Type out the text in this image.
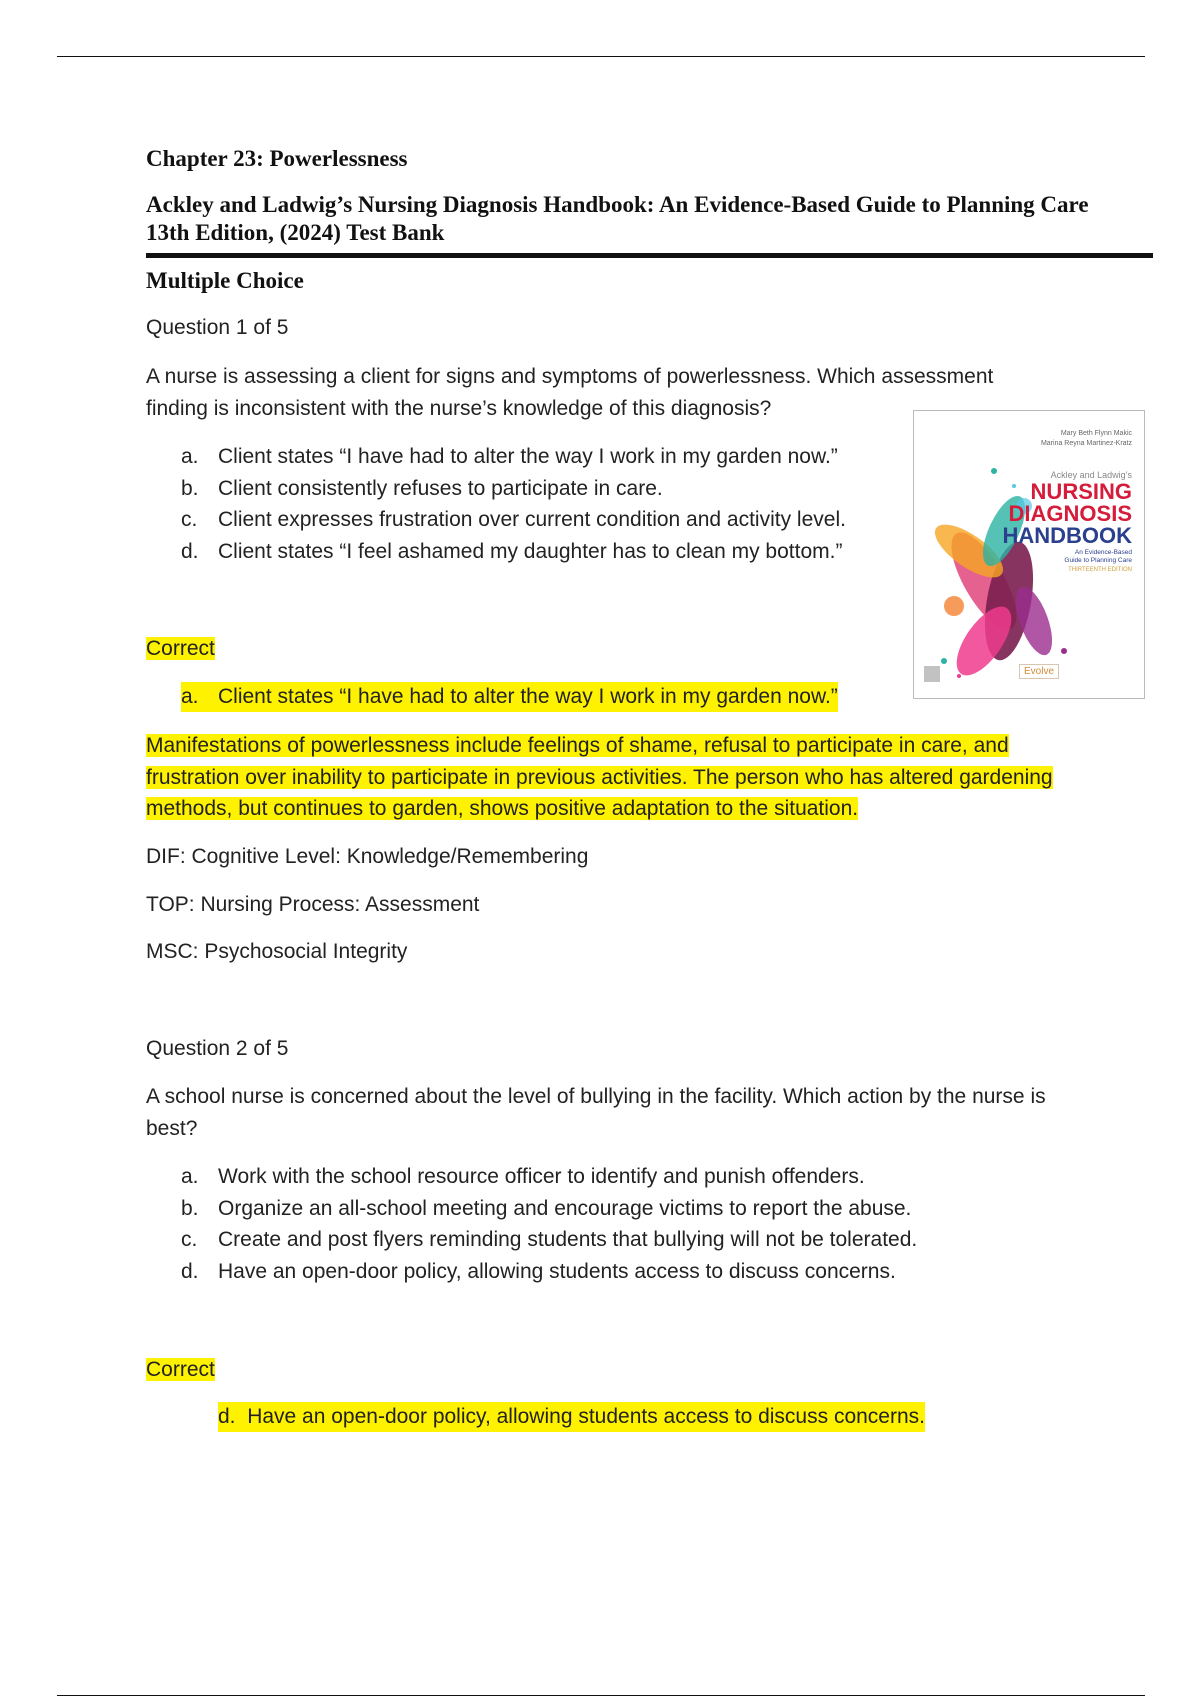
Chapter 23: Powerlessness
Ackley and Ladwig’s Nursing Diagnosis Handbook: An Evidence-Based Guide to Planning Care 13th Edition, (2024) Test Bank
Multiple Choice

Question 1 of 5

A nurse is assessing a client for signs and symptoms of powerlessness. Which assessment finding is inconsistent with the nurse’s knowledge of this diagnosis?

a. Client states “I have had to alter the way I work in my garden now.”
b. Client consistently refuses to participate in care.
c. Client expresses frustration over current condition and activity level.
d. Client states “I feel ashamed my daughter has to clean my bottom.”
Correct
a. Client states “I have had to alter the way I work in my garden now.”
Manifestations of powerlessness include feelings of shame, refusal to participate in care, and frustration over inability to participate in previous activities. The person who has altered gardening methods, but continues to garden, shows positive adaptation to the situation.

DIF: Cognitive Level: Knowledge/Remembering

TOP: Nursing Process: Assessment

MSC: Psychosocial Integrity

Question 2 of 5

A school nurse is concerned about the level of bullying in the facility. Which action by the nurse is best?

a. Work with the school resource officer to identify and punish offenders.
b. Organize an all-school meeting and encourage victims to report the abuse.
c. Create and post flyers reminding students that bullying will not be tolerated.
d. Have an open-door policy, allowing students access to discuss concerns.
Correct
d. Have an open-door policy, allowing students access to discuss concerns.
Mary Beth Flynn Makic
Marina Reyna Martinez-Kratz
Ackley and Ladwig’s
NURSING
DIAGNOSIS
HANDBOOK
An Evidence-Based Guide to Planning Care
THIRTEENTH EDITION
Evolve
